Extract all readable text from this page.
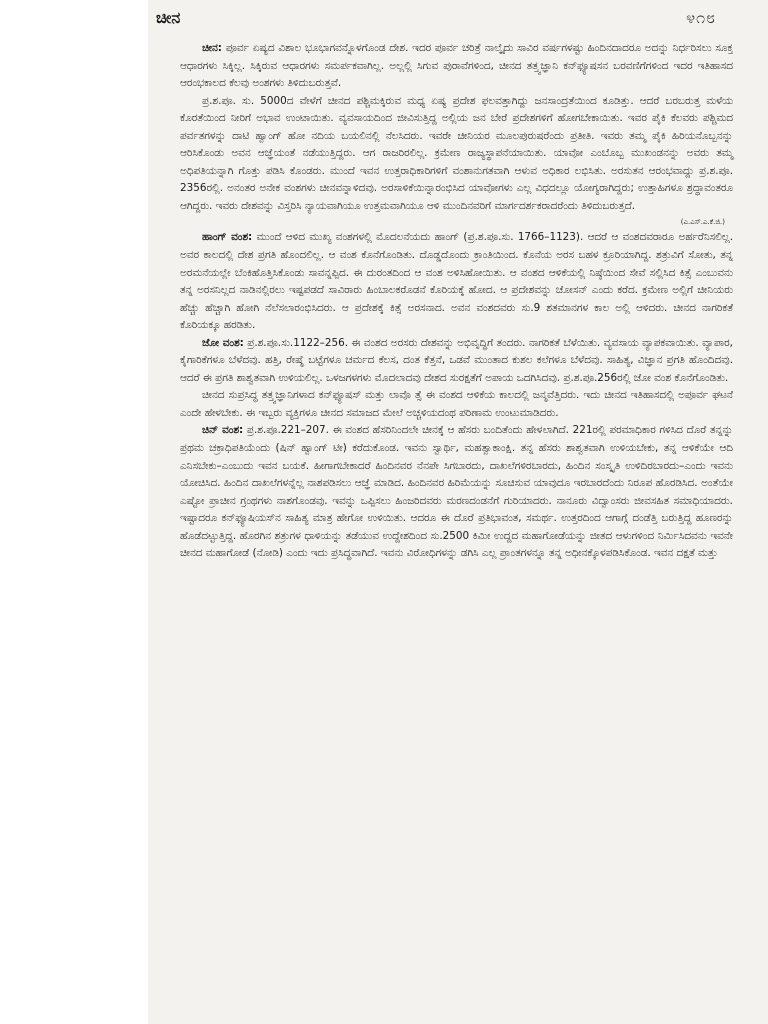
ಚೀನ	೪೧೮

ಚೀನ: ಪೂರ್ವ ಏಷ್ಯದ ವಿಶಾಲ ಭೂಭಾಗವನ್ನೊಳಗೊಂಡ ದೇಶ. ಇದರ ಪೂರ್ವ ಚರಿತ್ರೆ ನಾಲ್ಕೈದು ಸಾವಿರ ವರ್ಷಗಳಷ್ಟು ಹಿಂದಿನದಾದರೂ ಅದನ್ನು ನಿರ್ಧರಿಸಲು ಸೂಕ್ತ ಆಧಾರಗಳು ಸಿಕ್ಕಿಲ್ಲ. ಸಿಕ್ಕಿರುವ ಆಧಾರಗಳು ಸಮರ್ಪಕವಾಗಿಲ್ಲ. ಅಲ್ಲಲ್ಲಿ ಸಿಗುವ ಪುರಾವೆಗಳಿಂದ, ಚೀನದ ತತ್ತ್ವಜ್ಞಾನಿ ಕನ್‌ಫ್ಯೂಷಸನ ಬರವಣಿಗೆಗಳಿಂದ ಇದರ ಇತಿಹಾಸದ ಆರಂಭಕಾಲದ ಕೆಲವು ಅಂಶಗಳು ತಿಳಿದುಬರುತ್ತವೆ.

ಪ್ರ.ಶ.ಪೂ. ಸು. 5000ದ ವೇಳೆಗೆ ಚೀನದ ಪಶ್ಚಿಮಕ್ಕಿರುವ ಮಧ್ಯ ಏಷ್ಯ ಪ್ರದೇಶ ಫಲವತ್ತಾಗಿದ್ದು ಜನಸಾಂದ್ರತೆಯಿಂದ ಕೂಡಿತ್ತು. ಆದರೆ ಬರಬರುತ್ತ ಮಳೆಯ ಕೊರತೆಯಿಂದ ನೀರಿಗೆ ಅಭಾವ ಉಂಟಾಯಿತು. ವ್ಯವಸಾಯದಿಂದ ಜೀವಿಸುತ್ತಿದ್ದ ಅಲ್ಲಿಯ ಜನ ಬೇರೆ ಪ್ರದೇಶಗಳಿಗೆ ಹೋಗಬೇಕಾಯಿತು. ಇವರ ಪೈಕಿ ಕೆಲವರು ಪಶ್ಚಿಮದ ಪರ್ವತಗಳನ್ನು ದಾಟಿ ಹ್ವಾಂಗ್ ಹೋ ನದಿಯ ಬಯಲಿನಲ್ಲಿ ನೆಲಸಿದರು. ಇವರೇ ಚೀನಿಯರ ಮೂಲಪುರುಷರೆಂದು ಪ್ರತೀತಿ. ಇವರು ತಮ್ಮ ಪೈಕಿ ಹಿರಿಯನೊಬ್ಬನನ್ನು ಆರಿಸಿಕೊಂಡು ಅವನ ಆಜ್ಞೆಯಂತೆ ನಡೆಯುತ್ತಿದ್ದರು. ಆಗ ರಾಜರಿರಲಿಲ್ಲ. ಕ್ರಮೇಣ ರಾಜ್ಯಸ್ಥಾಪನೆಯಾಯಿತು. ಯಾವೋ ಎಂಬೊಬ್ಬ ಮುಖಂಡನನ್ನು ಅವರು ತಮ್ಮ ಅಧಿಪತಿಯನ್ನಾಗಿ ಗೊತ್ತು ಪಡಿಸಿ ಕೊಂಡರು. ಮುಂದೆ ಇವನ ಉತ್ತರಾಧಿಕಾರಿಗಳಿಗೆ ವಂಶಾನುಗತವಾಗಿ ಆಳುವ ಅಧಿಕಾರ ಲಭಿಸಿತು. ಅರಸುತನ ಆರಂಭವಾದ್ದು ಪ್ರ.ಶ.ಪೂ. 2356ರಲ್ಲಿ. ಅನಂತರ ಅನೇಕ ವಂಶಗಳು ಚೀನವನ್ನಾಳಿದವು. ಅರಸಾಳಿಕೆಯಿನ್ನಾರಂಭಿಸಿದ ಯಾವೋಗಳು ಎಲ್ಲ ವಿಧದಲ್ಲೂ ಯೋಗ್ಯರಾಗಿದ್ದರು; ಉತ್ತಾಹಿಗಳೂ ಶ್ರದ್ಧಾವಂತರೂ ಆಗಿದ್ದರು. ಇವರು ದೇಶವನ್ನು ವಿಸ್ತರಿಸಿ ನ್ಯಾಯವಾಗಿಯೂ ಉತ್ತಮವಾಗಿಯೂ ಆಳಿ ಮುಂದಿನವರಿಗೆ ಮಾರ್ಗದರ್ಶಕರಾದರೆಂದು ತಿಳಿದುಬರುತ್ತದೆ.

(ಎ.ಎಸ್.ಎ.ಕೆ.ಜಿ.)

ಹಾಂಗ್ ವಂಶ: ಮುಂದೆ ಆಳಿದ ಮುಖ್ಯ ವಂಶಗಳಲ್ಲಿ ಮೊದಲನೆಯದು ಹಾಂಗ್ (ಪ್ರ.ಶ.ಪೂ.ಸು. 1766–1123). ಆದರೆ ಆ ವಂಶದವರಾರೂ ಅರ್ಹರೆನಿಸಲಿಲ್ಲ. ಅವರ ಕಾಲದಲ್ಲಿ ದೇಶ ಪ್ರಗತಿ ಹೊಂದಲಿಲ್ಲ. ಆ ವಂಶ ಕೊನೆಗೊಂಡಿತು. ದೊಡ್ಡದೊಂದು ಕ್ರಾಂತಿಯಿಂದ. ಕೊನೆಯ ಅರಸ ಬಹಳ ಕ್ರೂರಿಯಾಗಿದ್ದ. ಶತ್ರುವಿಗೆ ಸೋತು, ತನ್ನ ಅರಮನೆಯಲ್ಲೇ ಬೆಂಕಿಹೊತ್ತಿಸಿಕೊಂಡು ಸಾವನ್ನಪ್ಪಿದ. ಈ ದುರಂತದಿಂದ ಆ ವಂಶ ಅಳಿಸಿಹೋಯಿತು. ಆ ವಂಶದ ಆಳಿಕೆಯಲ್ಲಿ ನಿಷ್ಠೆಯಿಂದ ಸೇವೆ ಸಲ್ಲಿಸಿದ ಕಿತ್ಸೆ ಎಂಬುವನು ತನ್ನ ಅರಸನಿಲ್ಲದ ನಾಡಿನಲ್ಲಿರಲು ಇಷ್ಟಪಡದೆ ಸಾವಿರಾರು ಹಿಂಬಾಲಕರೊಡನೆ ಕೊರಿಯಕ್ಕೆ ಹೋದ. ಆ ಪ್ರದೇಶವನ್ನು ಚೋಸನ್ ಎಂದು ಕರೆದ. ಕ್ರಮೇಣ ಅಲ್ಲಿಗೆ ಚೀನಿಯರು ಹೆಚ್ಚು ಹೆಚ್ಚಾಗಿ ಹೋಗಿ ನೆಲೆಸಲಾರಂಭಿಸಿದರು. ಆ ಪ್ರದೇಶಕ್ಕೆ ಕಿತ್ಸೆ ಅರಸನಾದ. ಅವನ ವಂಶದವರು ಸು.9 ಶತಮಾನಗಳ ಕಾಲ ಅಲ್ಲಿ ಆಳಿದರು. ಚೀನದ ನಾಗರಿಕತೆ ಕೊರಿಯಕ್ಕೂ ಹರಡಿತು.

ಜೋ ವಂಶ: ಪ್ರ.ಶ.ಪೂ.ಸು.1122–256. ಈ ವಂಶದ ಅರಸರು ದೇಶವನ್ನು ಅಭಿವೃದ್ಧಿಗೆ ತಂದರು. ನಾಗರಿಕತೆ ಬೆಳೆಯಿತು. ವ್ಯವಸಾಯ ವ್ಯಾಪಕವಾಯಿತು. ವ್ಯಾಪಾರ, ಕೈಗಾರಿಕೆಗಳೂ ಬೆಳೆದವು. ಹತ್ತಿ, ರೇಷ್ಮೆ ಬಟ್ಟೆಗಳೂ ಚರ್ಮದ ಕೆಲಸ, ದಂತ ಕೆತ್ತನೆ, ಒಡವೆ ಮುಂತಾದ ಕುಶಲ ಕಲೆಗಳೂ ಬೆಳೆದವು. ಸಾಹಿತ್ಯ, ವಿಜ್ಞಾನ ಪ್ರಗತಿ ಹೊಂದಿದವು. ಆದರೆ ಈ ಪ್ರಗತಿ ಶಾಶ್ವತವಾಗಿ ಉಳಿಯಲಿಲ್ಲ. ಒಳಜಗಳಗಳು ಮೊದಲಾದವು ದೇಶದ ಸುರಕ್ಷತೆಗೆ ಅಪಾಯ ಒದಗಿಸಿದವು. ಪ್ರ.ಶ.ಪೂ.256ರಲ್ಲಿ ಜೋ ವಂಶ ಕೊನೆಗೊಂಡಿತು.

ಚೀನದ ಸುಪ್ರಸಿದ್ಧ ತತ್ತ್ವಜ್ಞಾನಿಗಳಾದ ಕನ್‌ಫ್ಯೂಷಸ್ ಮತ್ತು ಲಾವೊ ತ್ಸೆ ಈ ವಂಶದ ಆಳಿಕೆಯ ಕಾಲದಲ್ಲಿ ಜನ್ಮವೆತ್ತಿದರು. ಇದು ಚೀನದ ಇತಿಹಾಸದಲ್ಲಿ ಅಪೂರ್ವ ಘಟನೆ ಎಂದೇ ಹೇಳಬೇಕು. ಈ ಇಬ್ಬರು ವ್ಯಕ್ತಿಗಳೂ ಚೀನದ ಸಮಾಜದ ಮೇಲೆ ಅಚ್ಚಳಿಯದಂಥ ಪರಿಣಾಮ ಉಂಟುಮಾಡಿದರು.

ಚಿನ್ ವಂಶ: ಪ್ರ.ಶ.ಪೂ.221–207. ಈ ವಂಶದ ಹೆಸರಿನಿಂದಲೇ ಚೀನಕ್ಕೆ ಆ ಹೆಸರು ಬಂದಿತೆಂದು ಹೇಳಲಾಗಿದೆ. 221ರಲ್ಲಿ ಪರಮಾಧಿಕಾರ ಗಳಿಸಿದ ದೊರೆ ತನ್ನನ್ನು ಪ್ರಥಮ ಚಕ್ರಾಧಿಪತಿಯೆಂದು (ಷಿನ್ ಹ್ವಾಂಗ್ ಟೀ) ಕರೆದುಕೊಂಡ. ಇವನು ಸ್ವಾರ್ಥಿ, ಮಹತ್ವಾಕಾಂಕ್ಷಿ. ತನ್ನ ಹೆಸರು ಶಾಶ್ವತವಾಗಿ ಉಳಿಯಬೇಕು, ತನ್ನ ಆಳಿಕೆಯೇ ಆದಿ ಎನಿಸಬೇಕು–ಎಂಬುದು ಇವನ ಬಯಕೆ. ಹೀಗಾಗಬೇಕಾದರೆ ಹಿಂದಿನವರ ನೆನಪೇ ಸಿಗಬಾರದು, ದಾಖಲೆಗಳಿರಬಾರದು, ಹಿಂದಿನ ಸಂಸ್ಕೃತಿ ಉಳಿದಿರಬಾರದು–ಎಂದು ಇವನು ಯೋಚಿಸಿದ. ಹಿಂದಿನ ದಾಖಲೆಗಳನ್ನೆಲ್ಲ ನಾಶಪಡಿಸಲು ಆಜ್ಞೆ ಮಾಡಿದ. ಹಿಂದಿನವರ ಹಿರಿಮೆಯನ್ನು ಸೂಚಿಸುವ ಯಾವುದೂ ಇರಬಾರದೆಂದು ನಿರೂಪ ಹೊರಡಿಸಿದ. ಅಂತೆಯೇ ಎಷ್ಟೋ ಪ್ರಾಚೀನ ಗ್ರಂಥಗಳು ನಾಶಗೊಂಡವು. ಇವನ್ನು ಒಪ್ಪಿಸಲು ಹಿಂಜರಿದವರು ಮರಣದಂಡನೆಗೆ ಗುರಿಯಾದರು. ನಾನೂರು ವಿದ್ವಾಂಸರು ಜೀವಸಹಿತ ಸಮಾಧಿಯಾದರು. ಇಷ್ಟಾದರೂ ಕನ್‌ಫ್ಯೂಷಿಯಸ್‌ನ ಸಾಹಿತ್ಯ ಮಾತ್ರ ಹೇಗೋ ಉಳಿಯಿತು. ಆದರೂ ಈ ದೊರೆ ಪ್ರತಿಭಾವಂತ, ಸಮರ್ಥ. ಉತ್ತರದಿಂದ ಆಗಾಗ್ಗೆ ದಂಡೆತ್ತಿ ಬರುತ್ತಿದ್ದ ಹೂಣರನ್ನು ಹೊಡೆದಟ್ಟುತ್ತಿದ್ದ. ಹೊರಗಿನ ಶತ್ರುಗಳ ಧಾಳಿಯನ್ನು ತಡೆಯುವ ಉದ್ದೇಶದಿಂದ ಸು.2500 ಕಿಮೀ ಉದ್ದದ ಮಹಾಗೋಡೆಯನ್ನು ಜೀತದ ಆಳುಗಳಿಂದ ನಿರ್ಮಿಸಿದವನು ಇವನೇ ಚೀನದ ಮಹಾಗೋಡೆ (ನೋಡಿ) ಎಂದು ಇದು ಪ್ರಸಿದ್ಧವಾಗಿದೆ. ಇವನು ವಿರೋಧಿಗಳನ್ನು ಡಗಿಸಿ ಎಲ್ಲ ಪ್ರಾಂತಗಳನ್ನೂ ತನ್ನ ಅಧೀನಕ್ಕೊಳಪಡಿಸಿಕೊಂಡ. ಇವನ ದಕ್ಷತೆ ಮತ್ತು
